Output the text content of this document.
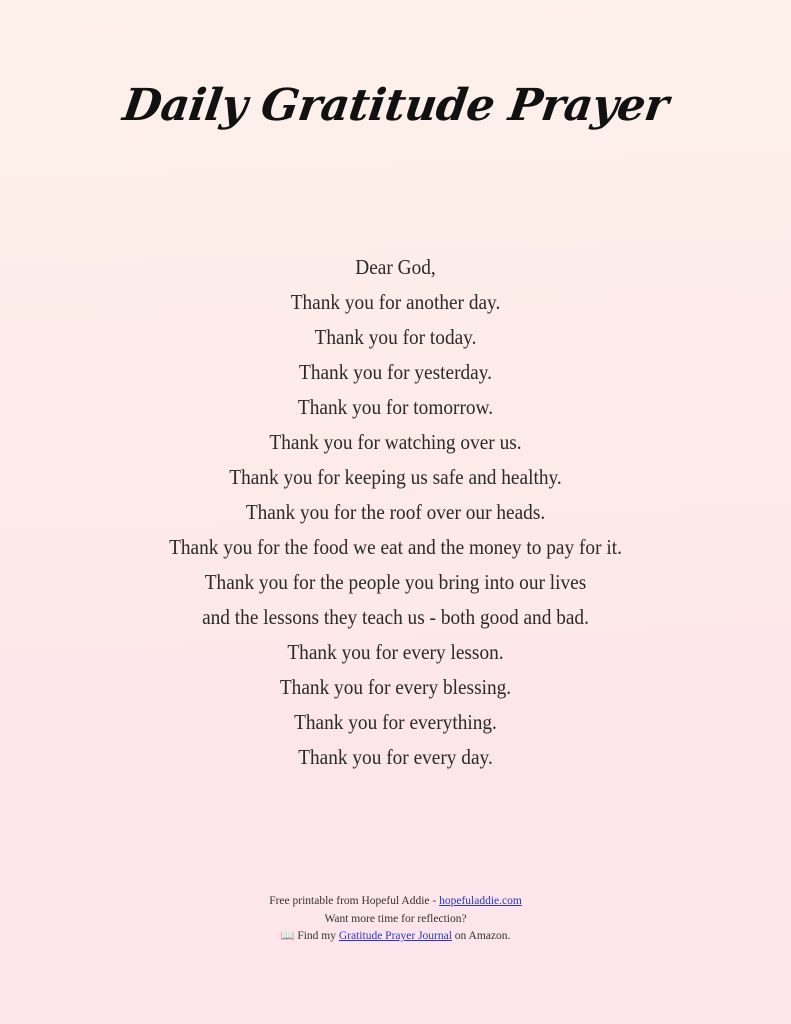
Daily Gratitude Prayer
Dear God,
Thank you for another day.
Thank you for today.
Thank you for yesterday.
Thank you for tomorrow.
Thank you for watching over us.
Thank you for keeping us safe and healthy.
Thank you for the roof over our heads.
Thank you for the food we eat and the money to pay for it.
Thank you for the people you bring into our lives
and the lessons they teach us - both good and bad.
Thank you for every lesson.
Thank you for every blessing.
Thank you for everything.
Thank you for every day.
Free printable from Hopeful Addie - hopefuladdie.com
Want more time for reflection?
📖 Find my Gratitude Prayer Journal on Amazon.
